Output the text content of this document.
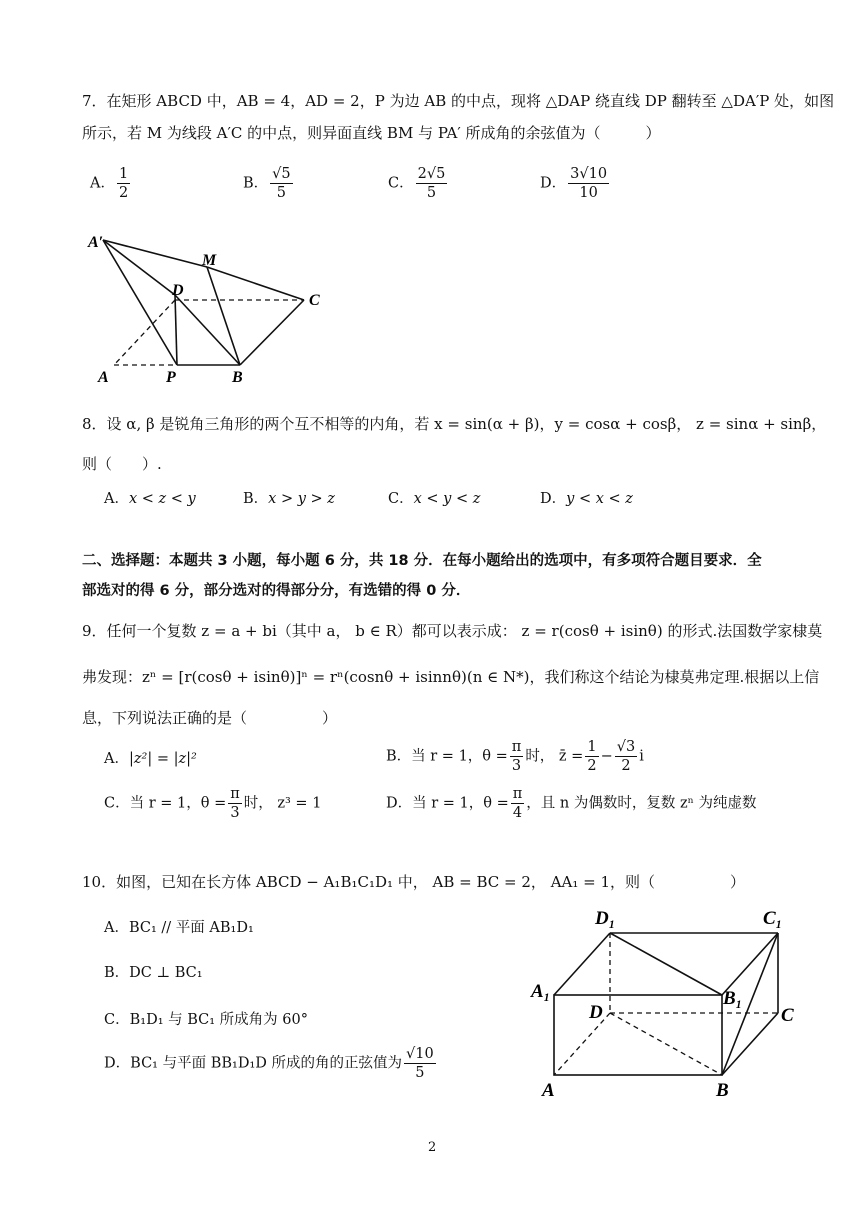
7．在矩形 ABCD 中，AB = 4，AD = 2，P 为边 AB 的中点，现将 △DAP 绕直线 DP 翻转至 △DA′P 处，如图
所示，若 M 为线段 A′C 的中点，则异面直线 BM 与 PA′ 所成角的余弦值为（　　　）
A． $\frac{1}{2}$	B． $\frac{√5}{5}$	C． $\frac{2√5}{5}$	D． $\frac{3√10}{10}$
A′
M
D
C
A	P	B
8．设 α, β 是锐角三角形的两个互不相等的内角，若 x = sin(α + β)，y = cosα + cosβ， z = sinα + sinβ，
则（　　）.
A．x < z < y	B．x > y > z	C．x < y < z	D．y < x < z
二、选择题：本题共 3 小题，每小题 6 分，共 18 分．在每小题给出的选项中，有多项符合题目要求．全
部选对的得 6 分，部分选对的得部分分，有选错的得 0 分．
9．任何一个复数 z = a + bi（其中 a， b ∈ R）都可以表示成： z = r(cosθ + isinθ) 的形式.法国数学家棣莫
弗发现：zⁿ = [r(cosθ + isinθ)]ⁿ = rⁿ(cosnθ + isinnθ)(n ∈ N*)，我们称这个结论为棣莫弗定理.根据以上信
息，下列说法正确的是（　　　　　）
A．|z²| = |z|²	B．当 r = 1，$\theta = \frac{\pi}{3}$ 时， z̄ = $\frac{1}{2} - \frac{√3}{2}$ i
C．当 r = 1，$\theta = \frac{\pi}{3}$ 时， z³ = 1	D．当 r = 1，$\theta = \frac{\pi}{4}$ ，且 n 为偶数时，复数 zⁿ 为纯虚数
10．如图，已知在长方体 ABCD − A₁B₁C₁D₁ 中， AB = BC = 2， AA₁ = 1，则（　　　　　）
A．BC₁ // 平面 AB₁D₁
B．DC ⊥ BC₁
C．B₁D₁ 与 BC₁ 所成角为 60°
D．BC₁ 与平面 BB₁D₁D 所成的角的正弦值为 $\frac{√10}{5}$
D₁	C₁
A₁	B₁
D	C
A	B
2
